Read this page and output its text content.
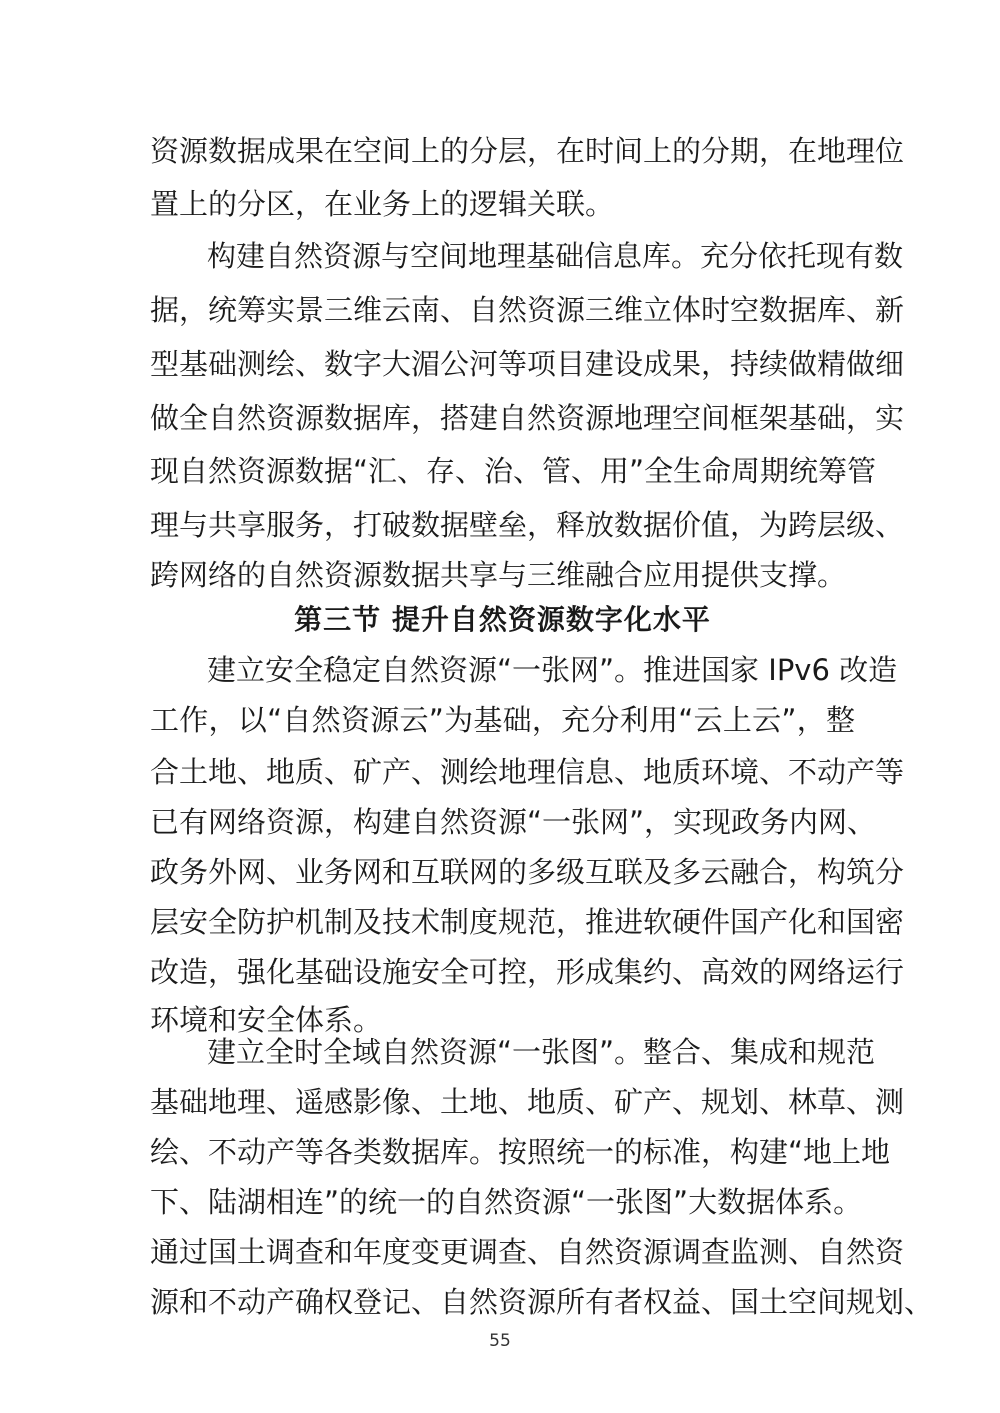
资源数据成果在空间上的分层，在时间上的分期，在地理位
置上的分区，在业务上的逻辑关联。
构建自然资源与空间地理基础信息库。充分依托现有数
据，统筹实景三维云南、自然资源三维立体时空数据库、新
型基础测绘、数字大湄公河等项目建设成果，持续做精做细
做全自然资源数据库，搭建自然资源地理空间框架基础，实
现自然资源数据“汇、存、治、管、用”全生命周期统筹管
理与共享服务，打破数据壁垒，释放数据价值，为跨层级、
跨网络的自然资源数据共享与三维融合应用提供支撑。
第三节 提升自然资源数字化水平
建立安全稳定自然资源“一张网”。推进国家 IPv6 改造
工作，以“自然资源云”为基础，充分利用“云上云”，整
合土地、地质、矿产、测绘地理信息、地质环境、不动产等
已有网络资源，构建自然资源“一张网”，实现政务内网、
政务外网、业务网和互联网的多级互联及多云融合，构筑分
层安全防护机制及技术制度规范，推进软硬件国产化和国密
改造，强化基础设施安全可控，形成集约、高效的网络运行
环境和安全体系。
建立全时全域自然资源“一张图”。整合、集成和规范
基础地理、遥感影像、土地、地质、矿产、规划、林草、测
绘、不动产等各类数据库。按照统一的标准，构建“地上地
下、陆湖相连”的统一的自然资源“一张图”大数据体系。
通过国土调查和年度变更调查、自然资源调查监测、自然资
源和不动产确权登记、自然资源所有者权益、国土空间规划、
55
